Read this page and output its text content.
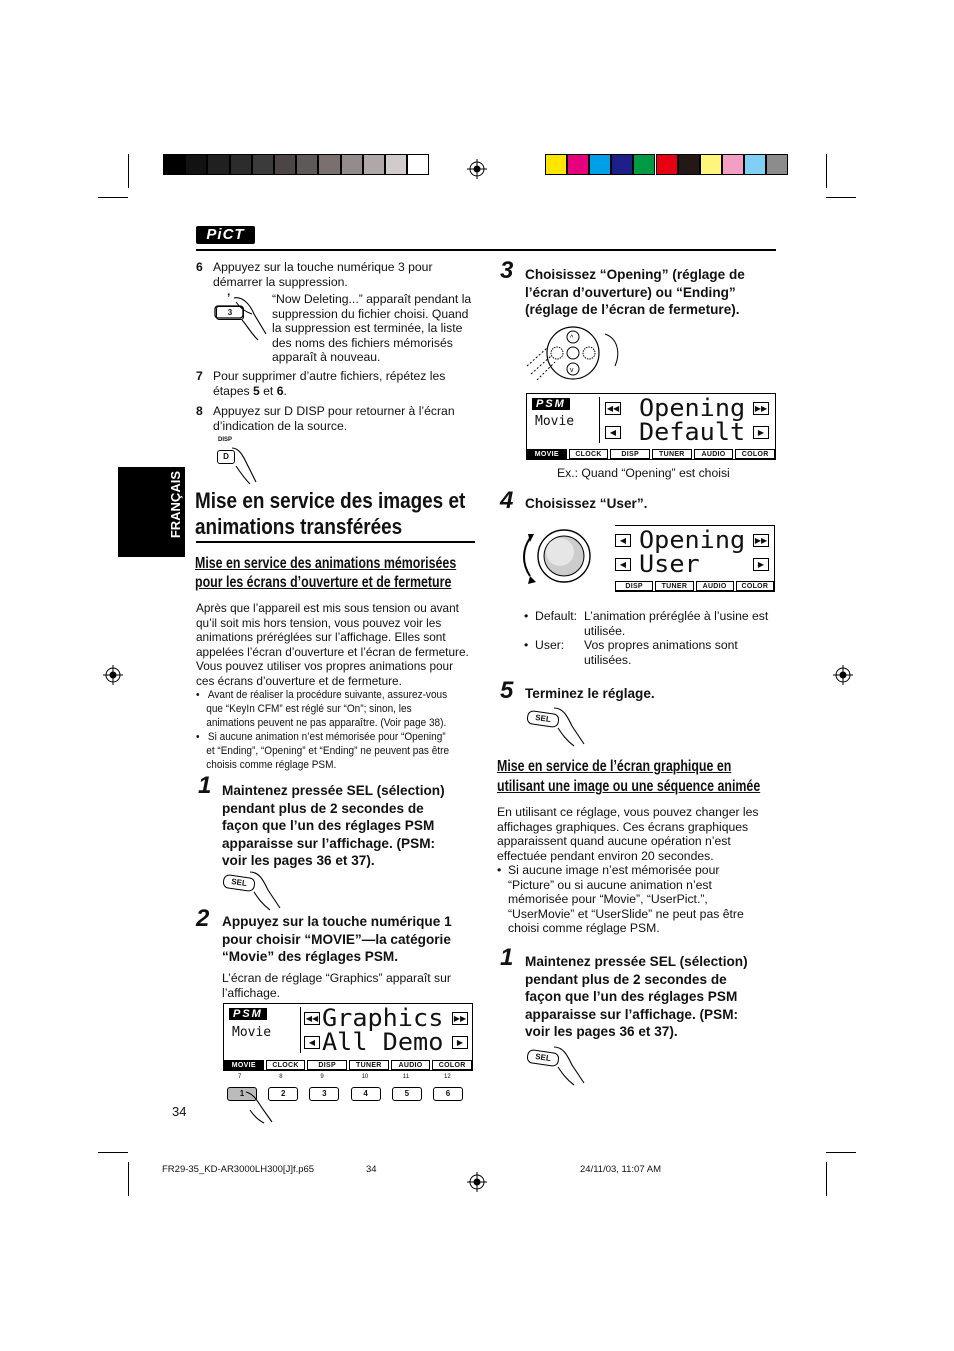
PiCT
FRANÇAIS
6 Appuyez sur la touche numérique 3 pour démarrer la suppression.
3
’	“Now Deleting...” apparaît pendant la suppression du fichier choisi. Quand la suppression est terminée, la liste des noms des fichiers mémorisés apparaît à nouveau.
7 Pour supprimer d’autre fichiers, répétez les étapes 5 et 6.
8 Appuyez sur D DISP pour retourner à l’écran d’indication de la source.
DISP
D
Mise en service des images et
animations transférées
Mise en service des animations mémorisées
pour les écrans d’ouverture et de fermeture
Après que l’appareil est mis sous tension ou avant
qu’il soit mis hors tension, vous pouvez voir les
animations préréglées sur l’affichage. Elles sont
appelées l’écran d’ouverture et l’écran de fermeture.
Vous pouvez utiliser vos propres animations pour
ces écrans d’ouverture et de fermeture.
•   Avant de réaliser la procédure suivante, assurez-vous
que “KeyIn CFM” est réglé sur “On”; sinon, les
animations peuvent ne pas apparaître. (Voir page 38).
•   Si aucune animation n’est mémorisée pour “Opening”
et “Ending”, “Opening” et “Ending” ne peuvent pas être
choisis comme réglage PSM.
1 Maintenez pressée SEL (sélection)
pendant plus de 2 secondes de
façon que l’un des réglages PSM
apparaisse sur l’affichage. (PSM:
voir les pages 36 et 37).
SEL
2 Appuyez sur la touche numérique 1
pour choisir “MOVIE”—la catégorie
“Movie” des réglages PSM.
L’écran de réglage “Graphics” apparaît sur
l’affichage.
PSM
Movie
◀◀ Graphics ▶▶
◀ All Demo	▶
MOVIE	CLOCK	DISP	TUNER	AUDIO	COLOR
7
1
8
2
9
3
10
4
11
5
12
6
34
3 Choisissez “Opening” (réglage de
l’écran d’ouverture) ou “Ending”
(réglage de l’écran de fermeture).
^
v
PSM
Movie
◀◀ Opening ▶▶
◀ Default	▶
MOVIE	CLOCK	DISP	TUNER	AUDIO	COLOR
Ex.: Quand “Opening” est choisi
4 Choisissez “User”.
◀ Opening ▶▶
◀ User	▶
DISP	TUNER	AUDIO	COLOR
•  Default: L’animation préréglée à l’usine est
utilisée.
•  User: Vos propres animations sont
utilisées.
5 Terminez le réglage.
SEL
Mise en service de l’écran graphique en
utilisant une image ou une séquence animée
En utilisant ce réglage, vous pouvez changer les
affichages graphiques. Ces écrans graphiques
apparaissent quand aucune opération n’est
effectuée pendant environ 20 secondes.
•  Si aucune image n’est mémorisée pour
“Picture” ou si aucune animation n’est
mémorisée pour “Movie”, “UserPict.”,
“UserMovie” et “UserSlide” ne peut pas être
choisi comme réglage PSM.
1 Maintenez pressée SEL (sélection)
pendant plus de 2 secondes de
façon que l’un des réglages PSM
apparaisse sur l’affichage. (PSM:
voir les pages 36 et 37).
SEL
FR29-35_KD-AR3000LH300[J]f.p65	34	24/11/03, 11:07 AM
